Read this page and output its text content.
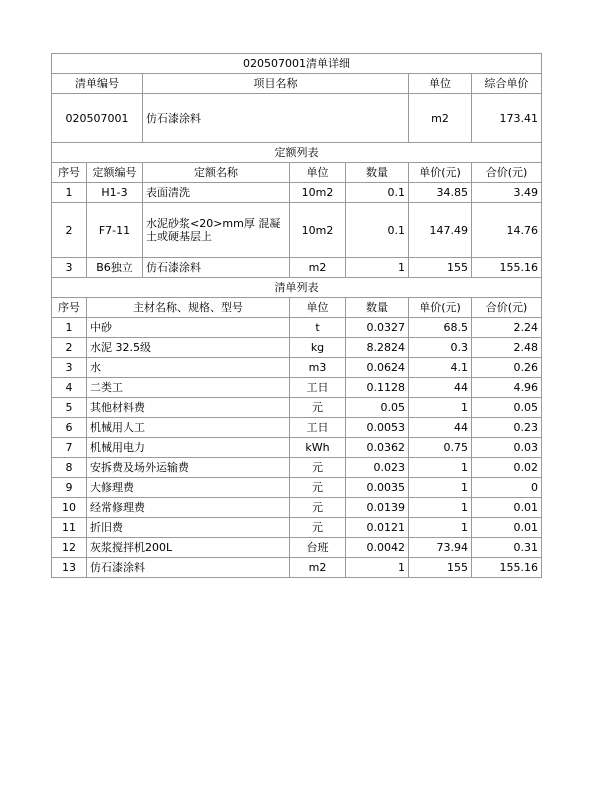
020507001清单详细						
清单编号		项目名称			单位	综合单价
020507001		仿石漆涂料			m2	173.41
定额列表						
序号	定额编号	定额名称	单位	数量	单价(元)	合价(元)
1	H1-3	表面清洗	10m2	0.1	34.85	3.49
2	F7-11	水泥砂浆<20>mm厚 混凝土或硬基层上	10m2	0.1	147.49	14.76
3	B6独立	仿石漆涂料	m2	1	155	155.16
清单列表						
序号	主材名称、规格、型号		单位	数量	单价(元)	合价(元)
1	中砂		t	0.0327	68.5	2.24
2	水泥 32.5级		kg	8.2824	0.3	2.48
3	水		m3	0.0624	4.1	0.26
4	二类工		工日	0.1128	44	4.96
5	其他材料费		元	0.05	1	0.05
6	机械用人工		工日	0.0053	44	0.23
7	机械用电力		kWh	0.0362	0.75	0.03
8	安拆费及场外运输费		元	0.023	1	0.02
9	大修理费		元	0.0035	1	0
10	经常修理费		元	0.0139	1	0.01
11	折旧费		元	0.0121	1	0.01
12	灰浆搅拌机200L		台班	0.0042	73.94	0.31
13	仿石漆涂料		m2	1	155	155.16
